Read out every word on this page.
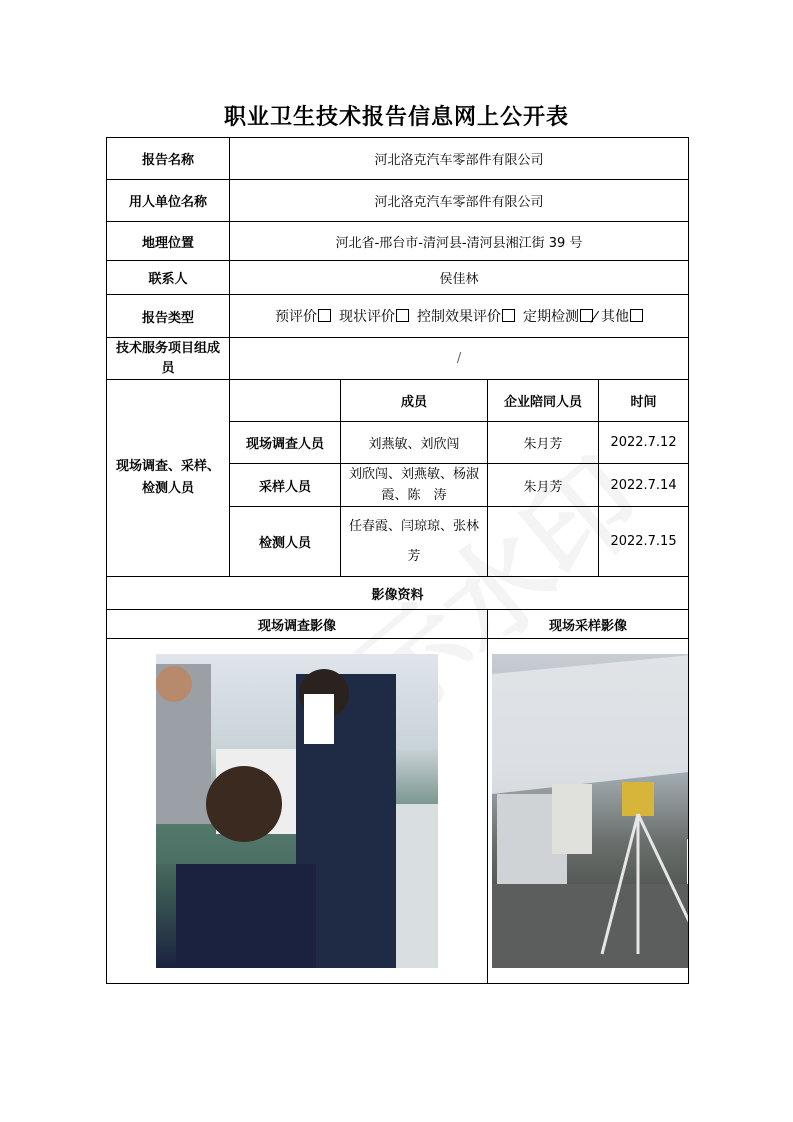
职业卫生技术报告信息网上公开表
报告名称	河北洛克汽车零部件有限公司			
用人单位名称	河北洛克汽车零部件有限公司			
地理位置	河北省-邢台市-清河县-清河县湘江街 39 号			
联系人	侯佳林			
报告类型	预评价 现状评价 控制效果评价 定期检测 其他			

技术服务项目组成员	/			
现场调查、采样、检测人员		成员	企业陪同人员	时间
	现场调查人员	刘燕敏、刘欣闯	朱月芳	2022.7.12
	采样人员	刘欣闯、刘燕敏、杨淑霞、陈　涛	朱月芳	2022.7.14
	检测人员	任春霞、闫琼琼、张林芳		2022.7.15
影像资料				
现场调查影像			现场采样影像	
